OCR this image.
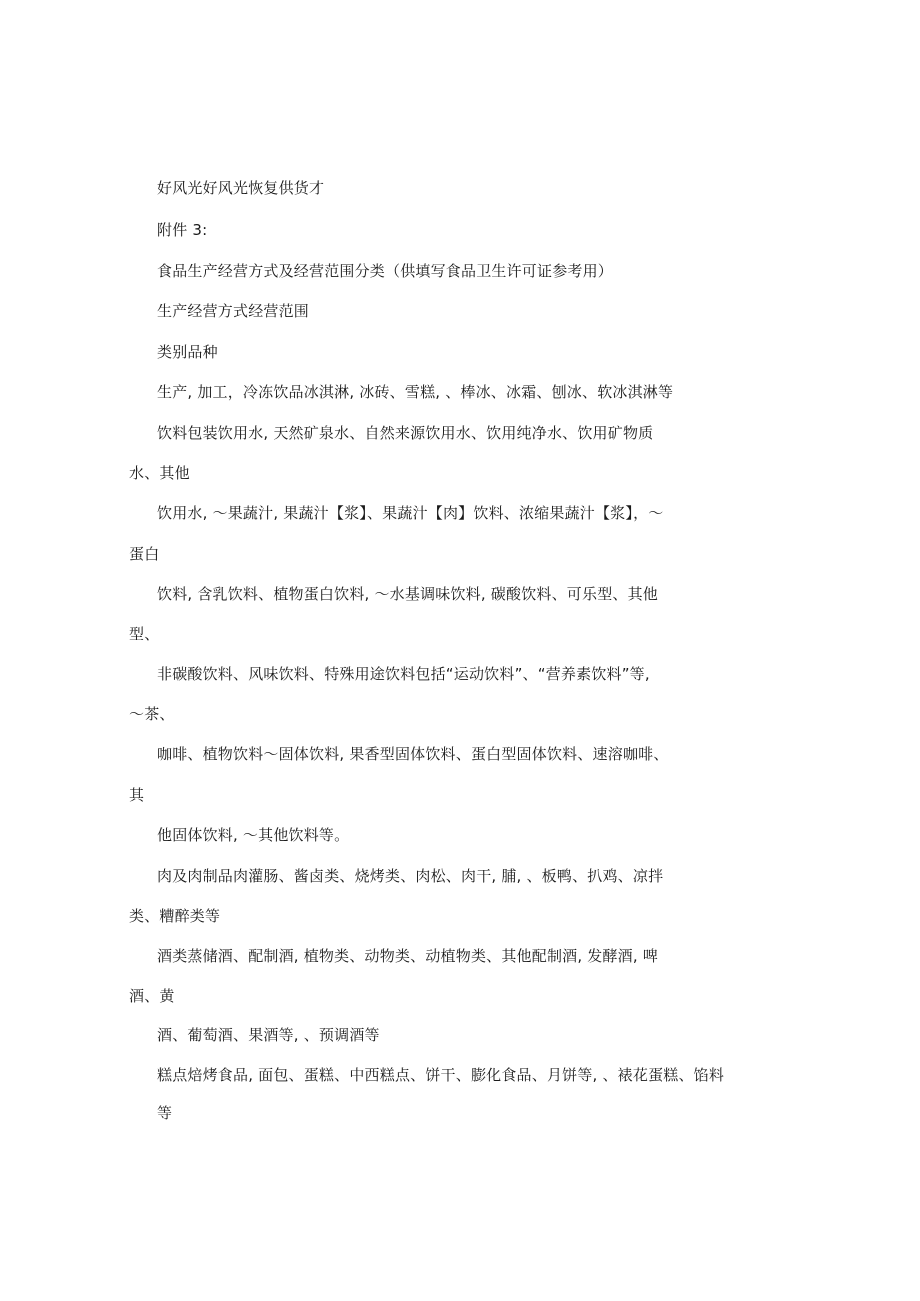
好风光好风光恢复供货才
附件 3:
食品生产经营方式及经营范围分类（供填写食品卫生许可证参考用）
生产经营方式经营范围
类别品种
生产, 加工，冷冻饮品冰淇淋, 冰砖、雪糕, 、棒冰、冰霜、刨冰、软冰淇淋等
饮料包装饮用水, 天然矿泉水、自然来源饮用水、饮用纯净水、饮用矿物质
水、其他
饮用水, ～果蔬汁, 果蔬汁【浆】、果蔬汁【肉】饮料、浓缩果蔬汁【浆】，～
蛋白
饮料, 含乳饮料、植物蛋白饮料, ～水基调味饮料, 碳酸饮料、可乐型、其他
型、
非碳酸饮料、风味饮料、特殊用途饮料包括“运动饮料”、“营养素饮料”等,
～茶、
咖啡、植物饮料～固体饮料, 果香型固体饮料、蛋白型固体饮料、速溶咖啡、
其
他固体饮料, ～其他饮料等。
肉及肉制品肉灌肠、酱卤类、烧烤类、肉松、肉干, 脯, 、板鸭、扒鸡、凉拌
类、糟醉类等
酒类蒸储酒、配制酒, 植物类、动物类、动植物类、其他配制酒, 发酵酒, 啤
酒、黄
酒、葡萄酒、果酒等, 、预调酒等
糕点焙烤食品, 面包、蛋糕、中西糕点、饼干、膨化食品、月饼等, 、裱花蛋糕、馅料
等
